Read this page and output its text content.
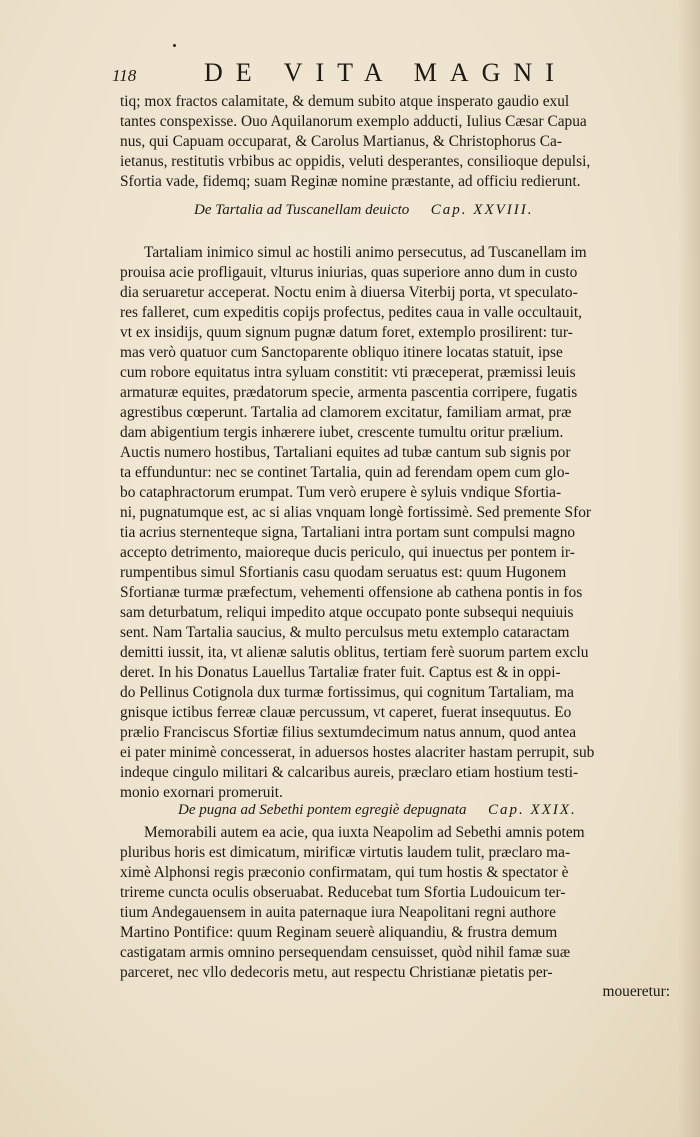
118	DE VITA MAGNI
tiq; mox fractos calamitate, & demum subito atque insperato gaudio exul
tantes conspexisse. Ouo Aquilanorum exemplo adducti, Iulius Cæsar Capua
nus, qui Capuam occuparat, & Carolus Martianus, & Christophorus Ca-
ietanus, restitutis vrbibus ac oppidis, veluti desperantes, consilioque depulsi,
Sfortia vade, fidemq; suam Reginæ nomine præstante, ad officiu redierunt.
De Tartalia ad Tuscanellam deuicto Cap. XXVIII.
Tartaliam inimico simul ac hostili animo persecutus, ad Tuscanellam im
prouisa acie profligauit, vlturus iniurias, quas superiore anno dum in custo
dia seruaretur acceperat. Noctu enim à diuersa Viterbij porta, vt speculato-
res falleret, cum expeditis copijs profectus, pedites caua in valle occultauit,
vt ex insidijs, quum signum pugnæ datum foret, extemplo prosilirent: tur-
mas verò quatuor cum Sanctoparente obliquo itinere locatas statuit, ipse
cum robore equitatus intra syluam constitit: vti præceperat, præmissi leuis
armaturæ equites, prædatorum specie, armenta pascentia corripere, fugatis
agrestibus cœperunt. Tartalia ad clamorem excitatur, familiam armat, præ
dam abigentium tergis inhærere iubet, crescente tumultu oritur prælium.
Auctis numero hostibus, Tartaliani equites ad tubæ cantum sub signis por
ta effunduntur: nec se continet Tartalia, quin ad ferendam opem cum glo-
bo cataphractorum erumpat. Tum verò erupere è syluis vndique Sfortia-
ni, pugnatumque est, ac si alias vnquam longè fortissimè. Sed premente Sfor
tia acrius sternenteque signa, Tartaliani intra portam sunt compulsi magno
accepto detrimento, maioreque ducis periculo, qui inuectus per pontem ir-
rumpentibus simul Sfortianis casu quodam seruatus est: quum Hugonem
Sfortianæ turmæ præfectum, vehementi offensione ab cathena pontis in fos
sam deturbatum, reliqui impedito atque occupato ponte subsequi nequiuis
sent. Nam Tartalia saucius, & multo perculsus metu extemplo cataractam
demitti iussit, ita, vt alienæ salutis oblitus, tertiam ferè suorum partem exclu
deret. In his Donatus Lauellus Tartaliæ frater fuit. Captus est & in oppi-
do Pellinus Cotignola dux turmæ fortissimus, qui cognitum Tartaliam, ma
gnisque ictibus ferreæ clauæ percussum, vt caperet, fuerat insequutus. Eo
prælio Franciscus Sfortiæ filius sextumdecimum natus annum, quod antea
ei pater minimè concesserat, in aduersos hostes alacriter hastam perrupit, sub
indeque cingulo militari & calcaribus aureis, præclaro etiam hostium testi-
monio exornari promeruit.
De pugna ad Sebethi pontem egregiè depugnata Cap. XXIX.
Memorabili autem ea acie, qua iuxta Neapolim ad Sebethi amnis potem
pluribus horis est dimicatum, mirificæ virtutis laudem tulit, præclaro ma-
ximè Alphonsi regis præconio confirmatam, qui tum hostis & spectator è
trireme cuncta oculis obseruabat. Reducebat tum Sfortia Ludouicum ter-
tium Andegauensem in auita paternaque iura Neapolitani regni authore
Martino Pontifice: quum Reginam seuerè aliquandiu, & frustra demum
castigatam armis omnino persequendam censuisset, quòd nihil famæ suæ
parceret, nec vllo dedecoris metu, aut respectu Christianæ pietatis per-
moueretur:
